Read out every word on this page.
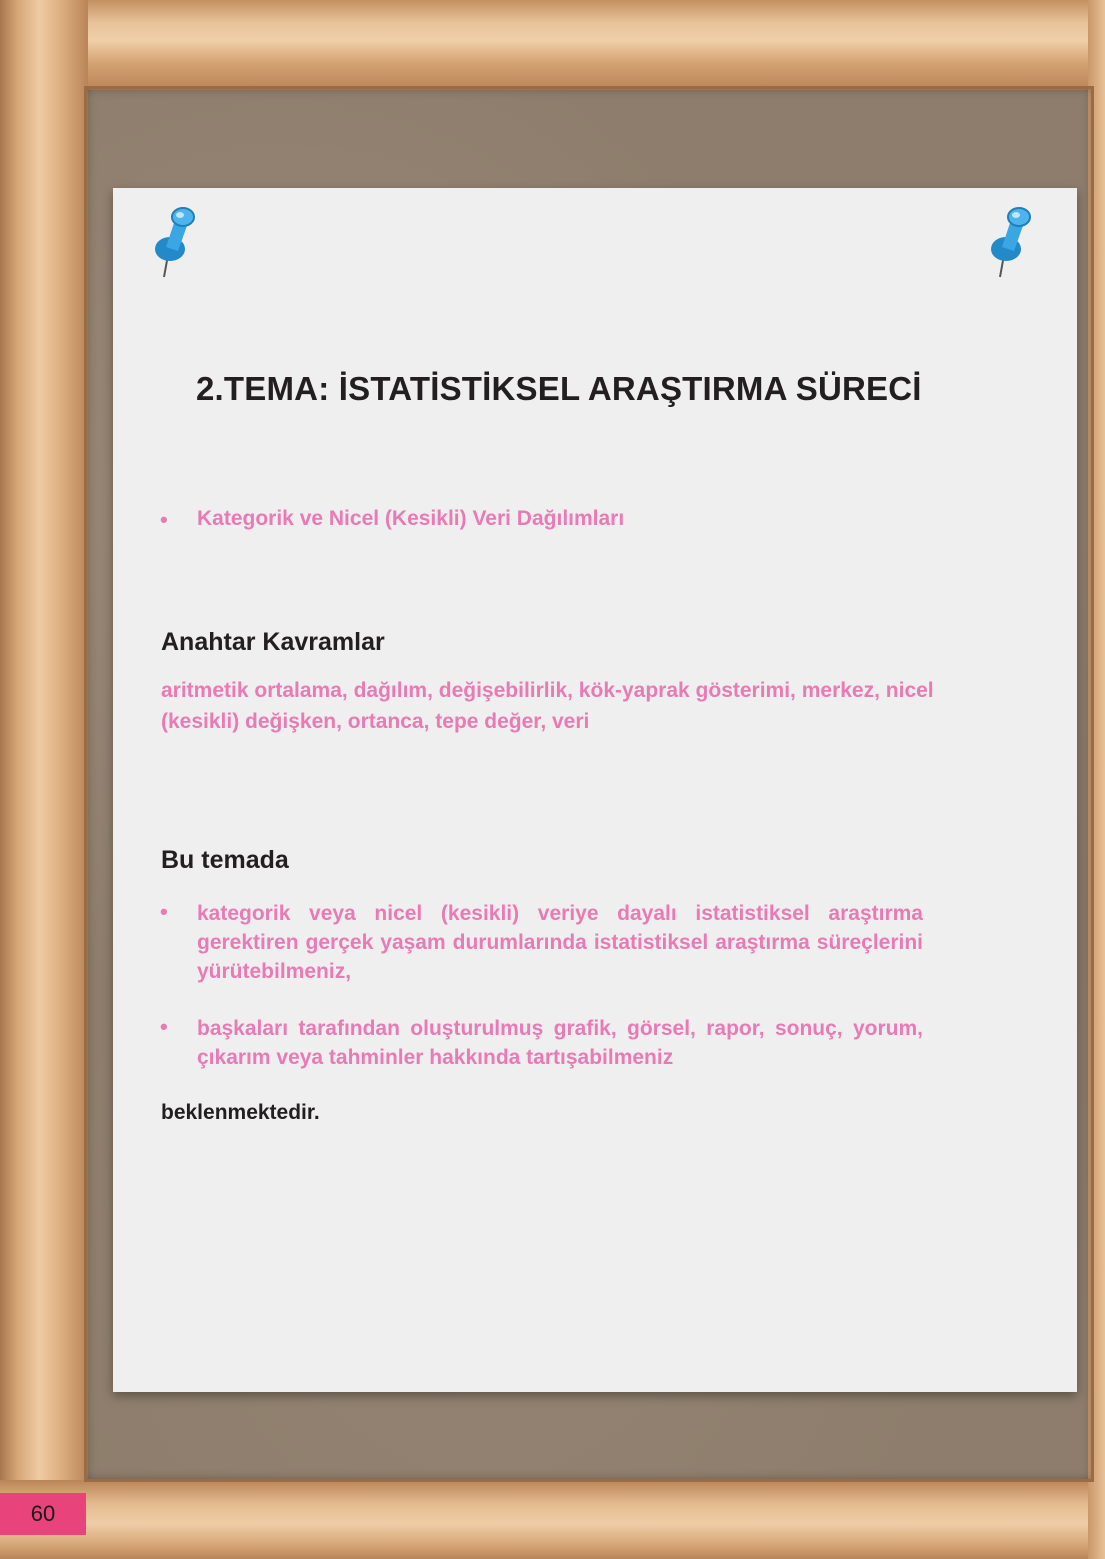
2.TEMA: İSTATİSTİKSEL ARAŞTIRMA SÜRECİ
• Kategorik ve Nicel (Kesikli) Veri Dağılımları
Anahtar Kavramlar
aritmetik ortalama, dağılım, değişebilirlik, kök-yaprak gösterimi, merkez, nicel (kesikli) değişken, ortanca, tepe değer, veri
Bu temada
• kategorik veya nicel (kesikli) veriye dayalı istatistiksel araştırma gerektiren gerçek yaşam durumlarında istatistiksel araştırma süreçlerini yürütebilmeniz,
• başkaları tarafından oluşturulmuş grafik, görsel, rapor, sonuç, yorum, çıkarım veya tahminler hakkında tartışabilmeniz
beklenmektedir.
60
